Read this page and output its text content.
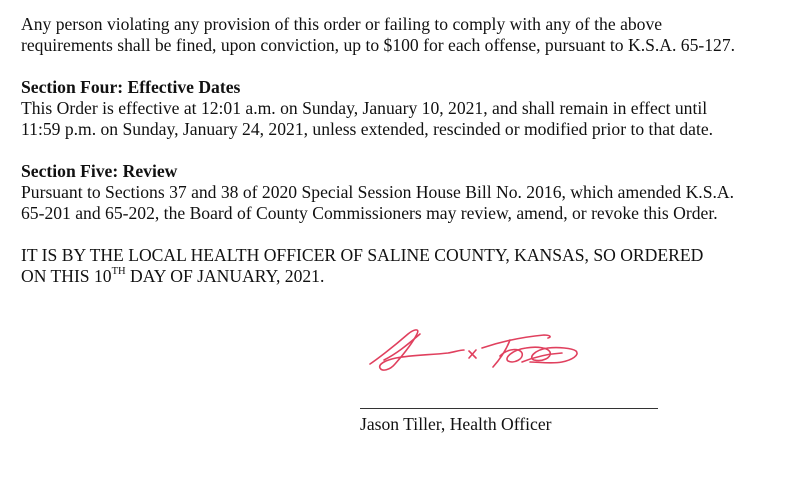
Any person violating any provision of this order or failing to comply with any of the above
requirements shall be fined, upon conviction, up to $100 for each offense, pursuant to K.S.A. 65-127.

Section Four: Effective Dates
This Order is effective at 12:01 a.m. on Sunday, January 10, 2021, and shall remain in effect until
11:59 p.m. on Sunday, January 24, 2021, unless extended, rescinded or modified prior to that date.
Section Five: Review
Pursuant to Sections 37 and 38 of 2020 Special Session House Bill No. 2016, which amended K.S.A.
65-201 and 65-202, the Board of County Commissioners may review, amend, or revoke this Order.
IT IS BY THE LOCAL HEALTH OFFICER OF SALINE COUNTY, KANSAS, SO ORDERED
ON THIS 10TH DAY OF JANUARY, 2021.
Jason Tiller, Health Officer
